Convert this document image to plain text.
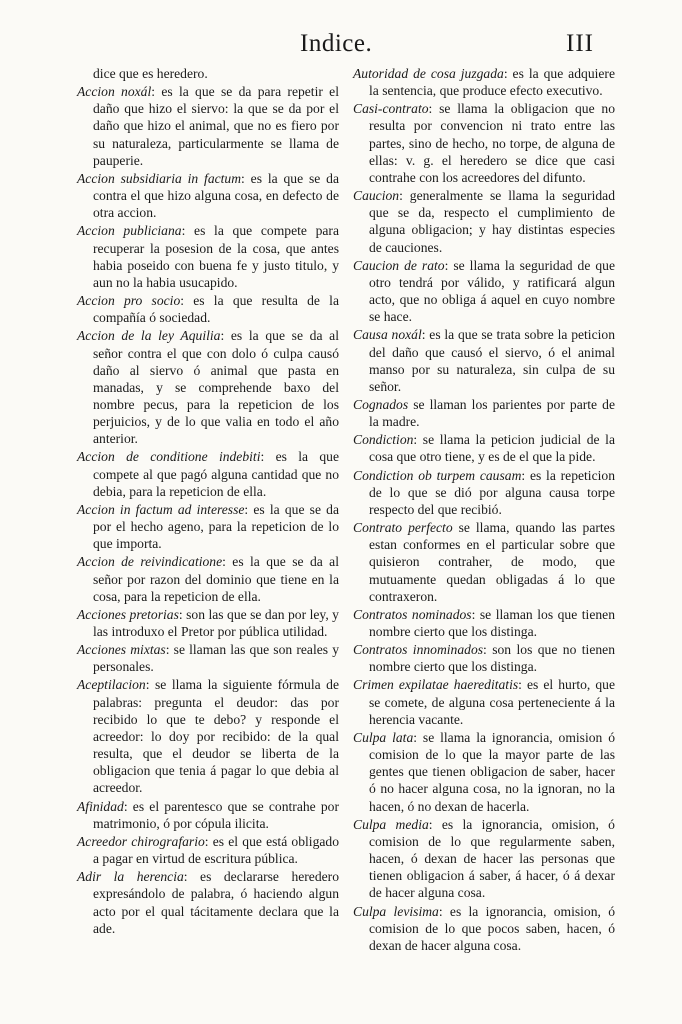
Indice.	III

dice que es heredero.

Accion noxál: es la que se da para repetir el daño que hizo el siervo: la que se da por el daño que hizo el animal, que no es fiero por su naturaleza, particularmente se llama de pauperie.

Accion subsidiaria in factum: es la que se da contra el que hizo alguna cosa, en defecto de otra accion.

Accion publiciana: es la que compete para recuperar la posesion de la cosa, que antes habia poseido con buena fe y justo titulo, y aun no la habia usucapido.

Accion pro socio: es la que resulta de la compañía ó sociedad.

Accion de la ley Aquilia: es la que se da al señor contra el que con dolo ó culpa causó daño al siervo ó animal que pasta en manadas, y se comprehende baxo del nombre pecus, para la repeticion de los perjuicios, y de lo que valia en todo el año anterior.

Accion de conditione indebiti: es la que compete al que pagó alguna cantidad que no debia, para la repeticion de ella.

Accion in factum ad interesse: es la que se da por el hecho ageno, para la repeticion de lo que importa.

Accion de reivindicatione: es la que se da al señor por razon del dominio que tiene en la cosa, para la repeticion de ella.

Acciones pretorias: son las que se dan por ley, y las introduxo el Pretor por pública utilidad.

Acciones mixtas: se llaman las que son reales y personales.

Aceptilacion: se llama la siguiente fórmula de palabras: pregunta el deudor: das por recibido lo que te debo? y responde el acreedor: lo doy por recibido: de la qual resulta, que el deudor se liberta de la obligacion que tenia á pagar lo que debia al acreedor.

Afinidad: es el parentesco que se contrahe por matrimonio, ó por cópula ilicita.

Acreedor chirografario: es el que está obligado a pagar en virtud de escritura pública.

Adir la herencia: es declararse heredero expresándolo de palabra, ó haciendo algun acto por el qual tácitamente declara que la ade.

Autoridad de cosa juzgada: es la que adquiere la sentencia, que produce efecto executivo.

Casi-contrato: se llama la obligacion que no resulta por convencion ni trato entre las partes, sino de hecho, no torpe, de alguna de ellas: v. g. el heredero se dice que casi contrahe con los acreedores del difunto.

Caucion: generalmente se llama la seguridad que se da, respecto el cumplimiento de alguna obligacion; y hay distintas especies de cauciones.

Caucion de rato: se llama la seguridad de que otro tendrá por válido, y ratificará algun acto, que no obliga á aquel en cuyo nombre se hace.

Causa noxál: es la que se trata sobre la peticion del daño que causó el siervo, ó el animal manso por su naturaleza, sin culpa de su señor.

Cognados se llaman los parientes por parte de la madre.

Condiction: se llama la peticion judicial de la cosa que otro tiene, y es de el que la pide.

Condiction ob turpem causam: es la repeticion de lo que se dió por alguna causa torpe respecto del que recibió.

Contrato perfecto se llama, quando las partes estan conformes en el particular sobre que quisieron contraher, de modo, que mutuamente quedan obligadas á lo que contraxeron.

Contratos nominados: se llaman los que tienen nombre cierto que los distinga.

Contratos innominados: son los que no tienen nombre cierto que los distinga.

Crimen expilatae haereditatis: es el hurto, que se comete, de alguna cosa perteneciente á la herencia vacante.

Culpa lata: se llama la ignorancia, omision ó comision de lo que la mayor parte de las gentes que tienen obligacion de saber, hacer ó no hacer alguna cosa, no la ignoran, no la hacen, ó no dexan de hacerla.

Culpa media: es la ignorancia, omision, ó comision de lo que regularmente saben, hacen, ó dexan de hacer las personas que tienen obligacion á saber, á hacer, ó á dexar de hacer alguna cosa.

Culpa levisima: es la ignorancia, omision, ó comision de lo que pocos saben, hacen, ó dexan de hacer alguna cosa.
